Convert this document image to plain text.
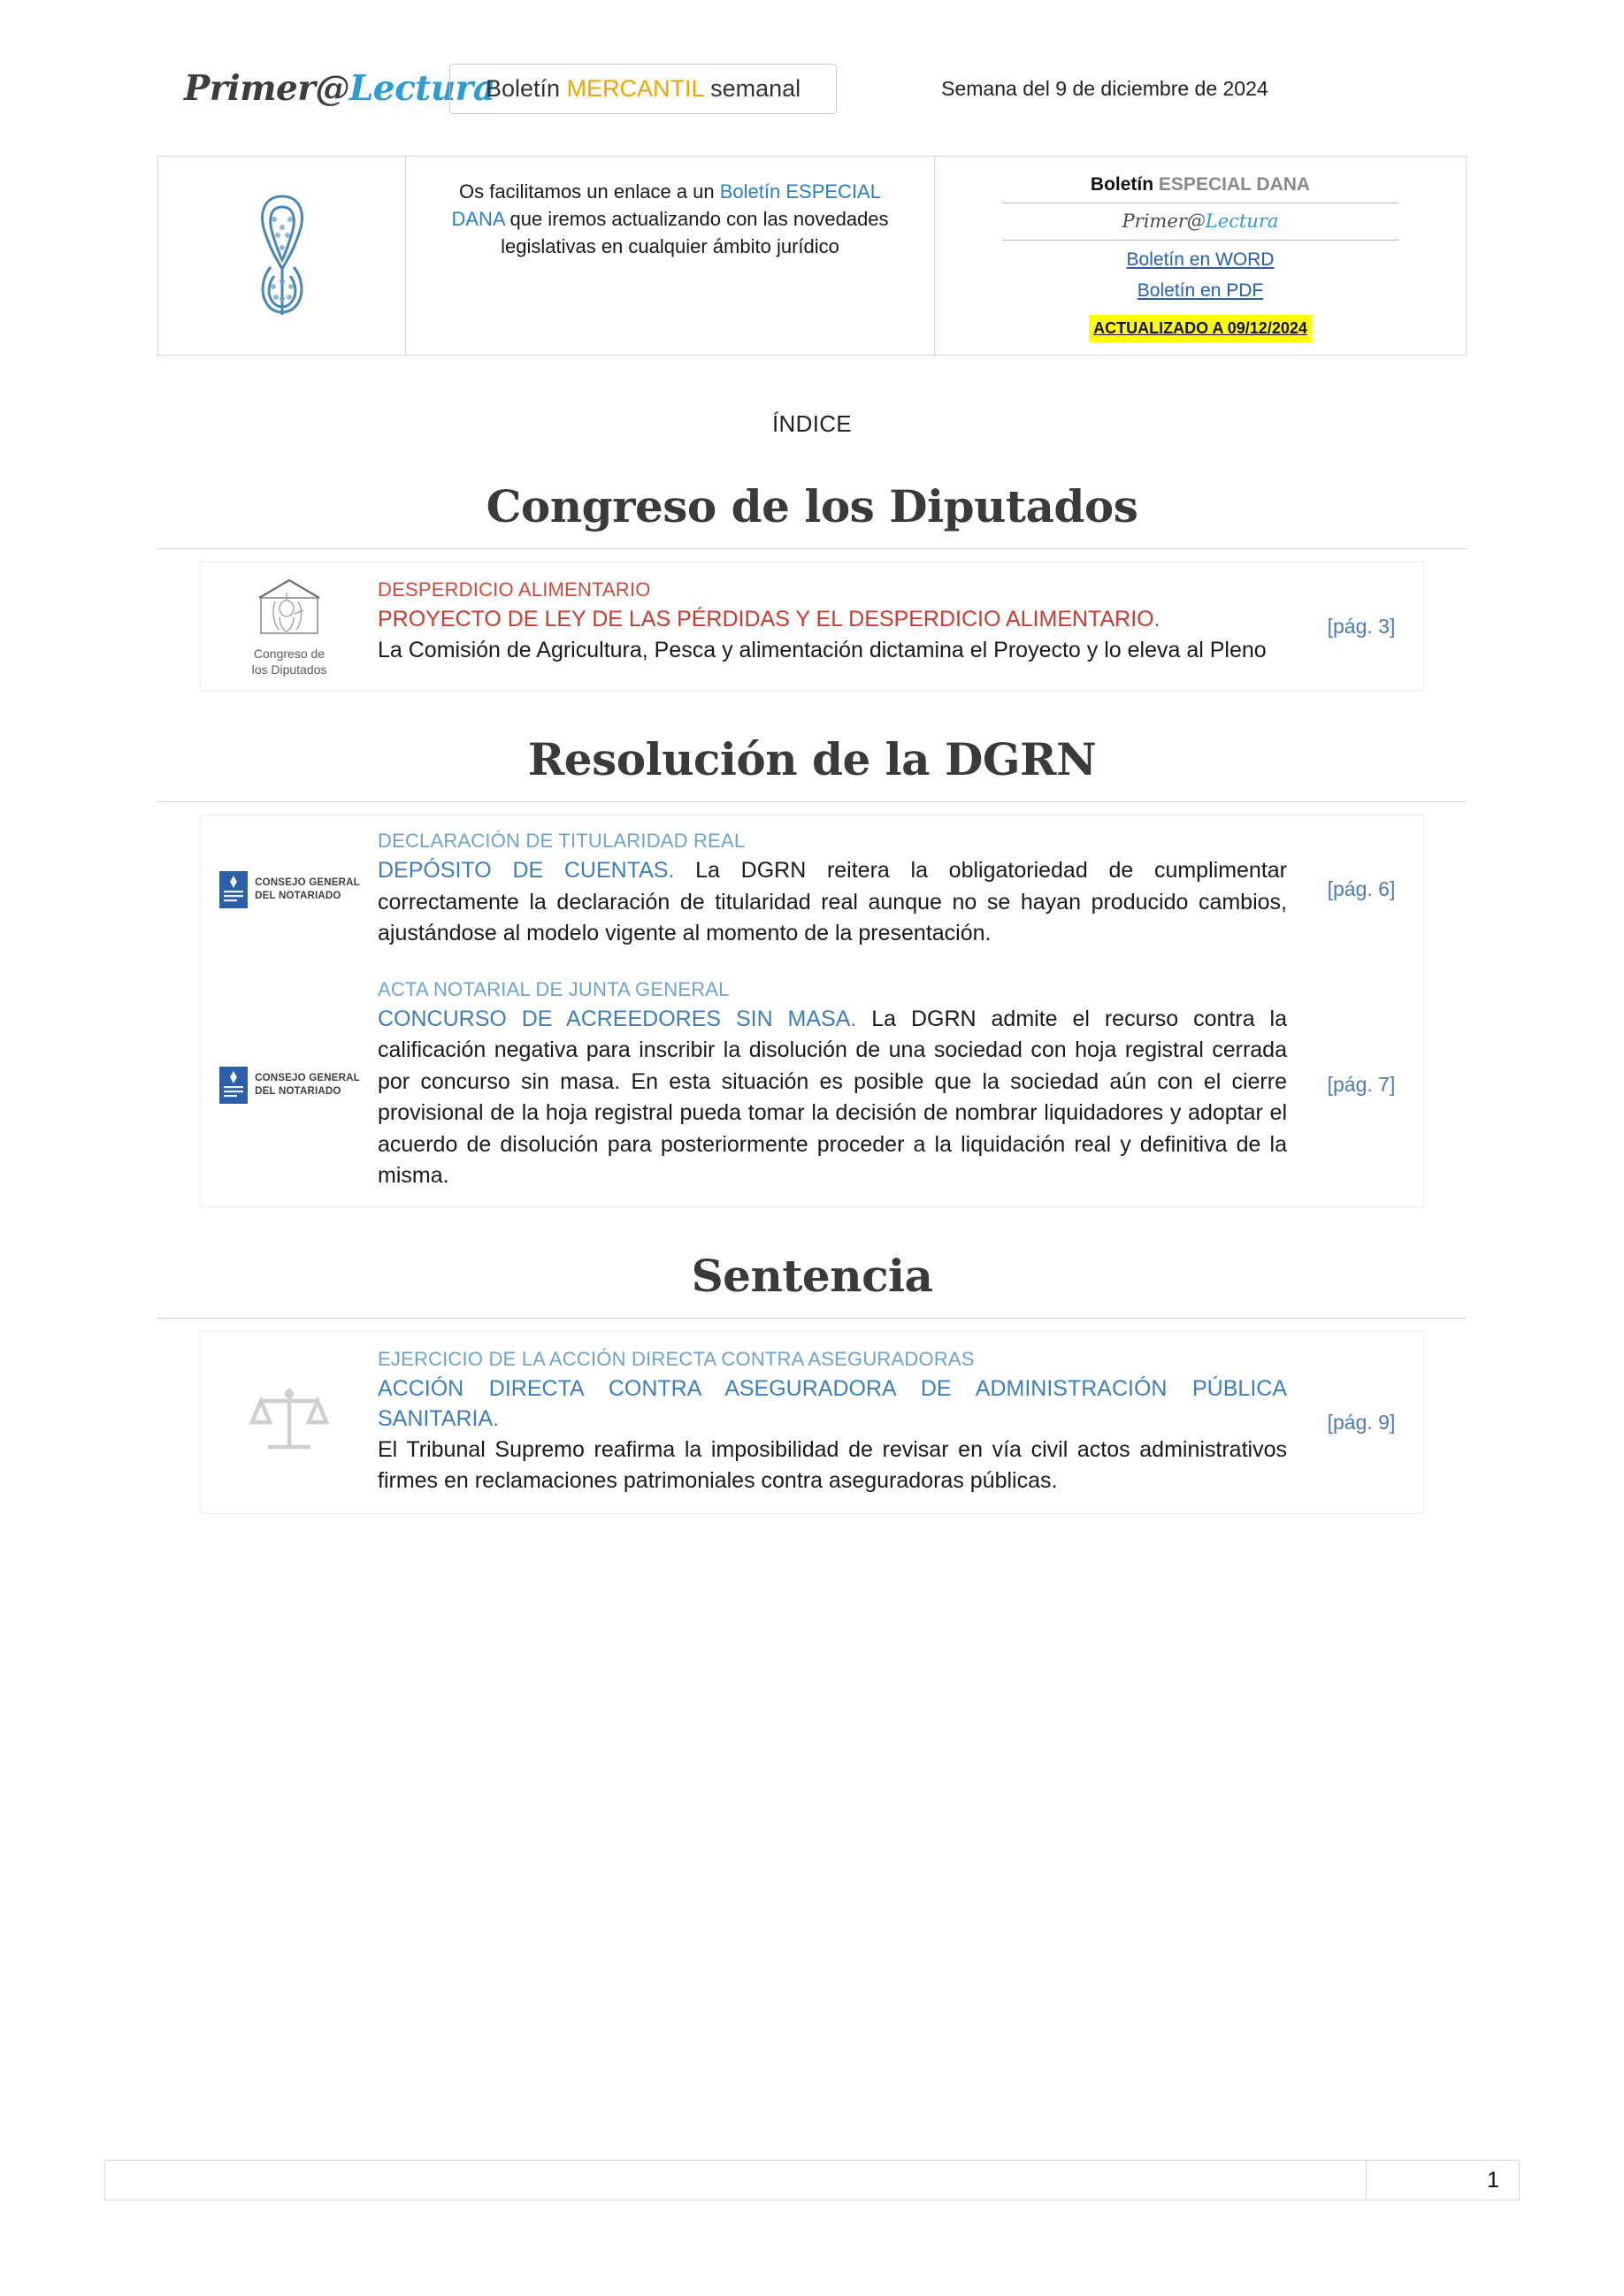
Primer@Lectura
Boletín MERCANTIL semanal	Semana del 9 de diciembre de 2024
Os facilitamos un enlace a un Boletín ESPECIAL DANA que iremos actualizando con las novedades legislativas en cualquier ámbito jurídico
Boletín ESPECIAL DANA
Primer@Lectura
Boletín en WORD
Boletín en PDF
ACTUALIZADO A 09/12/2024
ÍNDICE
Congreso de los Diputados
Congreso de
los Diputados
DESPERDICIO ALIMENTARIO
PROYECTO DE LEY DE LAS PÉRDIDAS Y EL DESPERDICIO ALIMENTARIO.
La Comisión de Agricultura, Pesca y alimentación dictamina el Proyecto y lo eleva al Pleno
[pág. 3]
Resolución de la DGRN
CONSEJO GENERAL
DEL NOTARIADO
DECLARACIÓN DE TITULARIDAD REAL
DEPÓSITO DE CUENTAS. La DGRN reitera la obligatoriedad de cumplimentar correctamente la declaración de titularidad real aunque no se hayan producido cambios, ajustándose al modelo vigente al momento de la presentación.
[pág. 6]
CONSEJO GENERAL
DEL NOTARIADO
ACTA NOTARIAL DE JUNTA GENERAL
CONCURSO DE ACREEDORES SIN MASA. La DGRN admite el recurso contra la calificación negativa para inscribir la disolución de una sociedad con hoja registral cerrada por concurso sin masa. En esta situación es posible que la sociedad aún con el cierre provisional de la hoja registral pueda tomar la decisión de nombrar liquidadores y adoptar el acuerdo de disolución para posteriormente proceder a la liquidación real y definitiva de la misma.
[pág. 7]
Sentencia
EJERCICIO DE LA ACCIÓN DIRECTA CONTRA ASEGURADORAS
ACCIÓN DIRECTA CONTRA ASEGURADORA DE ADMINISTRACIÓN PÚBLICA SANITARIA.
El Tribunal Supremo reafirma la imposibilidad de revisar en vía civil actos administrativos firmes en reclamaciones patrimoniales contra aseguradoras públicas.
[pág. 9]
1
